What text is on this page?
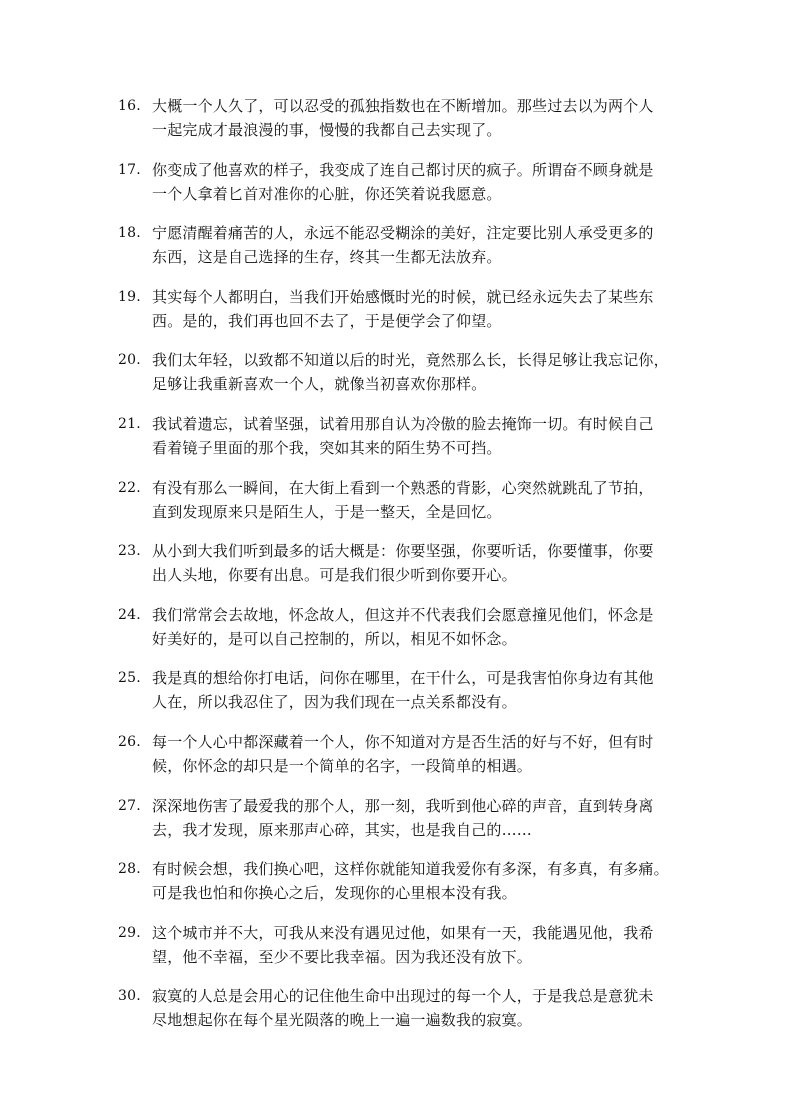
16. 大概一个人久了，可以忍受的孤独指数也在不断增加。那些过去以为两个人
一起完成才最浪漫的事，慢慢的我都自己去实现了。
17. 你变成了他喜欢的样子，我变成了连自己都讨厌的疯子。所谓奋不顾身就是
一个人拿着匕首对准你的心脏，你还笑着说我愿意。
18. 宁愿清醒着痛苦的人，永远不能忍受糊涂的美好，注定要比别人承受更多的
东西，这是自己选择的生存，终其一生都无法放弃。
19. 其实每个人都明白，当我们开始感慨时光的时候，就已经永远失去了某些东
西。是的，我们再也回不去了，于是便学会了仰望。
20. 我们太年轻，以致都不知道以后的时光，竟然那么长，长得足够让我忘记你，
足够让我重新喜欢一个人，就像当初喜欢你那样。
21. 我试着遗忘，试着坚强，试着用那自认为冷傲的脸去掩饰一切。有时候自己
看着镜子里面的那个我，突如其来的陌生势不可挡。
22. 有没有那么一瞬间，在大街上看到一个熟悉的背影，心突然就跳乱了节拍，
直到发现原来只是陌生人，于是一整天，全是回忆。
23. 从小到大我们听到最多的话大概是：你要坚强，你要听话，你要懂事，你要
出人头地，你要有出息。可是我们很少听到你要开心。
24. 我们常常会去故地，怀念故人，但这并不代表我们会愿意撞见他们，怀念是
好美好的，是可以自己控制的，所以，相见不如怀念。
25. 我是真的想给你打电话，问你在哪里，在干什么，可是我害怕你身边有其他
人在，所以我忍住了，因为我们现在一点关系都没有。
26. 每一个人心中都深藏着一个人，你不知道对方是否生活的好与不好，但有时
候，你怀念的却只是一个简单的名字，一段简单的相遇。
27. 深深地伤害了最爱我的那个人，那一刻，我听到他心碎的声音，直到转身离
去，我才发现，原来那声心碎，其实，也是我自己的……
28. 有时候会想，我们换心吧，这样你就能知道我爱你有多深，有多真，有多痛。
可是我也怕和你换心之后，发现你的心里根本没有我。
29. 这个城市并不大，可我从来没有遇见过他，如果有一天，我能遇见他，我希
望，他不幸福，至少不要比我幸福。因为我还没有放下。
30. 寂寞的人总是会用心的记住他生命中出现过的每一个人，于是我总是意犹未
尽地想起你在每个星光陨落的晚上一遍一遍数我的寂寞。
